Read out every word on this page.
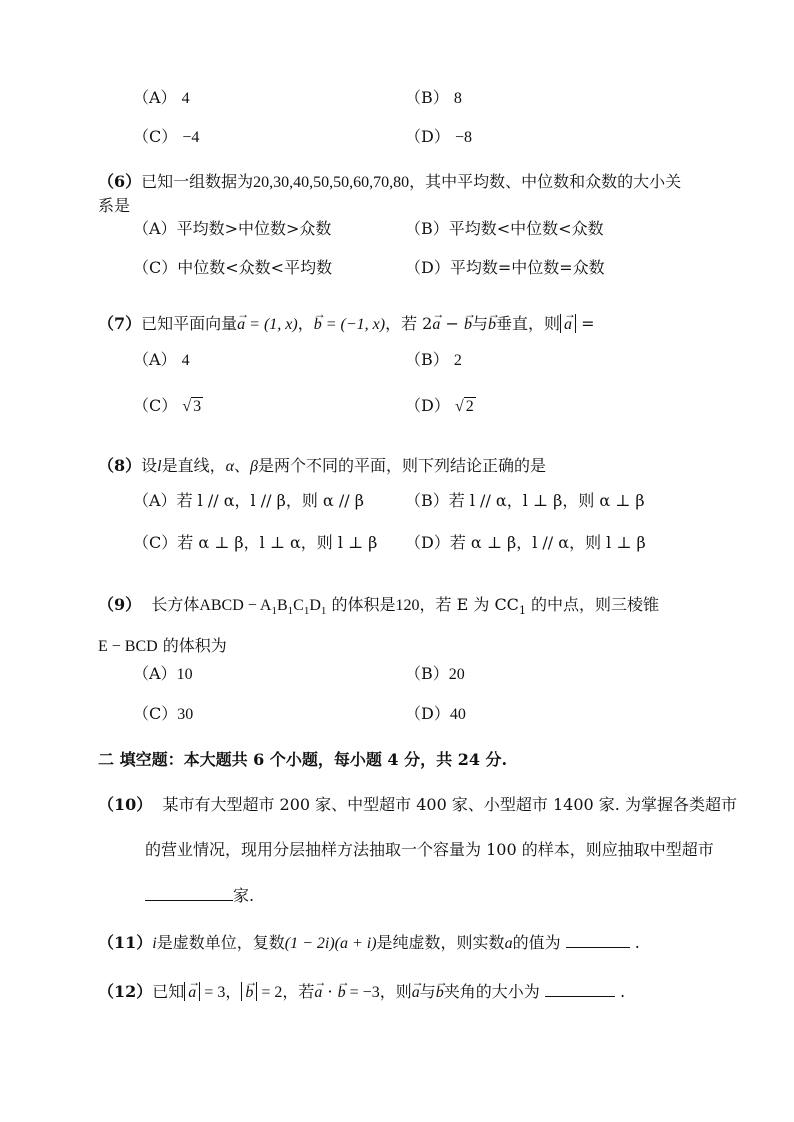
（A） 4	（B） 8
（C） −4	（D） −8
（6）已知一组数据为20,30,40,50,50,60,70,80，其中平均数、中位数和众数的大小关
系是
（A）平均数>中位数>众数	（B）平均数<中位数<众数
（C）中位数<众数<平均数	（D）平均数=中位数=众数
（7）已知平面向量→ a = (1, x)，→ b = (−1, x)，若 2→ a − → b与→ b垂直，则 → a =
（A） 4	（B） 2
（C） √ 3	（D） √ 2
（8）设l是直线，α、β是两个不同的平面，则下列结论正确的是
（A）若 l // α，l // β，则 α // β	（B）若 l // α，l ⊥ β，则 α ⊥ β
（C）若 α ⊥ β，l ⊥ α，则 l ⊥ β （D）若 α ⊥ β，l // α，则 l ⊥ β
（9） 长方体ABCD − $A_1B_1C_1D_1$ 的体积是120，若 E 为 $CC_1$ 的中点，则三棱锥
E − BCD 的体积为
（A）10	（B）20
（C）30	（D）40
二 填空题：本大题共 6 个小题，每小题 4 分，共 24 分.
（10） 某市有大型超市 200 家、中型超市 400 家、小型超市 1400 家. 为掌握各类超市
的营业情况，现用分层抽样方法抽取一个容量为 100 的样本，则应抽取中型超市
家.
（11）i是虚数单位，复数(1 − 2i)(a + i)是纯虚数，则实数a的值为	.
（12）已知 → a = 3， → b = 2，若→ a · → b = −3，则→ a与→ b夹角的大小为	.
